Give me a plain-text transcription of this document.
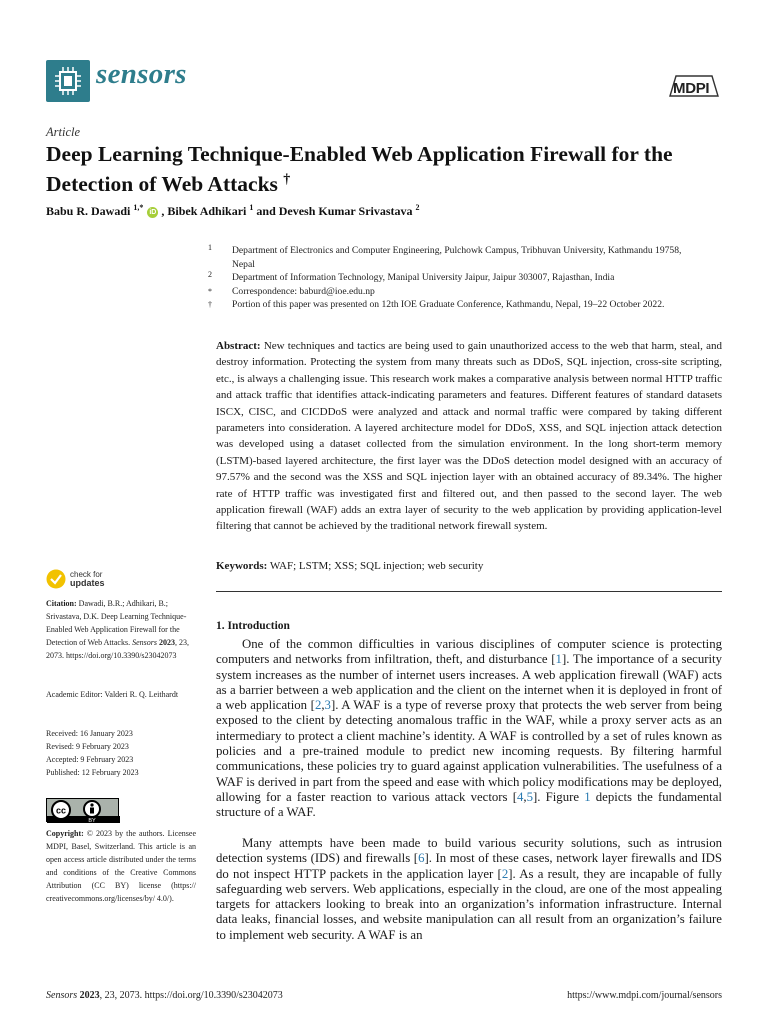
sensors	MDPI
Article
Deep Learning Technique-Enabled Web Application Firewall for the Detection of Web Attacks †
Babu R. Dawadi $^{1,*}$ iD , Bibek Adhikari $^1$ and Devesh Kumar Srivastava $^2$
1	Department of Electronics and Computer Engineering, Pulchowk Campus, Tribhuvan University, Kathmandu 19758, Nepal
2	Department of Information Technology, Manipal University Jaipur, Jaipur 303007, Rajasthan, India
*	Correspondence: baburd@ioe.edu.np
†	Portion of this paper was presented on 12th IOE Graduate Conference, Kathmandu, Nepal, 19–22 October 2022.
Abstract: New techniques and tactics are being used to gain unauthorized access to the web that harm, steal, and destroy information. Protecting the system from many threats such as DDoS, SQL injection, cross-site scripting, etc., is always a challenging issue. This research work makes a comparative analysis between normal HTTP traffic and attack traffic that identifies attack-indicating parameters and features. Different features of standard datasets ISCX, CISC, and CICDDoS were analyzed and attack and normal traffic were compared by taking different parameters into consideration. A layered architecture model for DDoS, XSS, and SQL injection attack detection was developed using a dataset collected from the simulation environment. In the long short-term memory (LSTM)-based layered architecture, the first layer was the DDoS detection model designed with an accuracy of 97.57% and the second was the XSS and SQL injection layer with an obtained accuracy of 89.34%. The higher rate of HTTP traffic was investigated first and filtered out, and then passed to the second layer. The web application firewall (WAF) adds an extra layer of security to the web application by providing application-level filtering that cannot be achieved by the traditional network firewall system.
Keywords: WAF; LSTM; XSS; SQL injection; web security
check for
updates
Citation: Dawadi, B.R.; Adhikari, B.; Srivastava, D.K. Deep Learning Technique-Enabled Web Application Firewall for the Detection of Web Attacks. Sensors 2023, 23, 2073. https://doi.org/10.3390/s23042073
Academic Editor: Valderi R. Q. Leithardt
Received: 16 January 2023
Revised: 9 February 2023
Accepted: 9 February 2023
Published: 12 February 2023
cc
BY
Copyright: © 2023 by the authors. Licensee MDPI, Basel, Switzerland. This article is an open access article distributed under the terms and conditions of the Creative Commons Attribution (CC BY) license (https:// creativecommons.org/licenses/by/ 4.0/).
1. Introduction
One of the common difficulties in various disciplines of computer science is protecting computers and networks from infiltration, theft, and disturbance [1]. The importance of a security system increases as the number of internet users increases. A web application firewall (WAF) acts as a barrier between a web application and the client on the internet when it is deployed in front of a web application [2,3]. A WAF is a type of reverse proxy that protects the web server from being exposed to the client by detecting anomalous traffic in the WAF, while a proxy server acts as an intermediary to protect a client machine’s identity. A WAF is controlled by a set of rules known as policies and a pre-trained module to predict new incoming requests. By filtering harmful communications, these policies try to guard against application vulnerabilities. The usefulness of a WAF is derived in part from the speed and ease with which policy modifications may be deployed, allowing for a faster reaction to various attack vectors [4,5]. Figure 1 depicts the fundamental structure of a WAF.
Many attempts have been made to build various security solutions, such as intrusion detection systems (IDS) and firewalls [6]. In most of these cases, network layer firewalls and IDS do not inspect HTTP packets in the application layer [2]. As a result, they are incapable of fully safeguarding web servers. Web applications, especially in the cloud, are one of the most appealing targets for attackers looking to break into an organization’s information infrastructure. Internal data leaks, financial losses, and website manipulation can all result from an organization’s failure to implement web security. A WAF is an
Sensors 2023, 23, 2073. https://doi.org/10.3390/s23042073	https://www.mdpi.com/journal/sensors
